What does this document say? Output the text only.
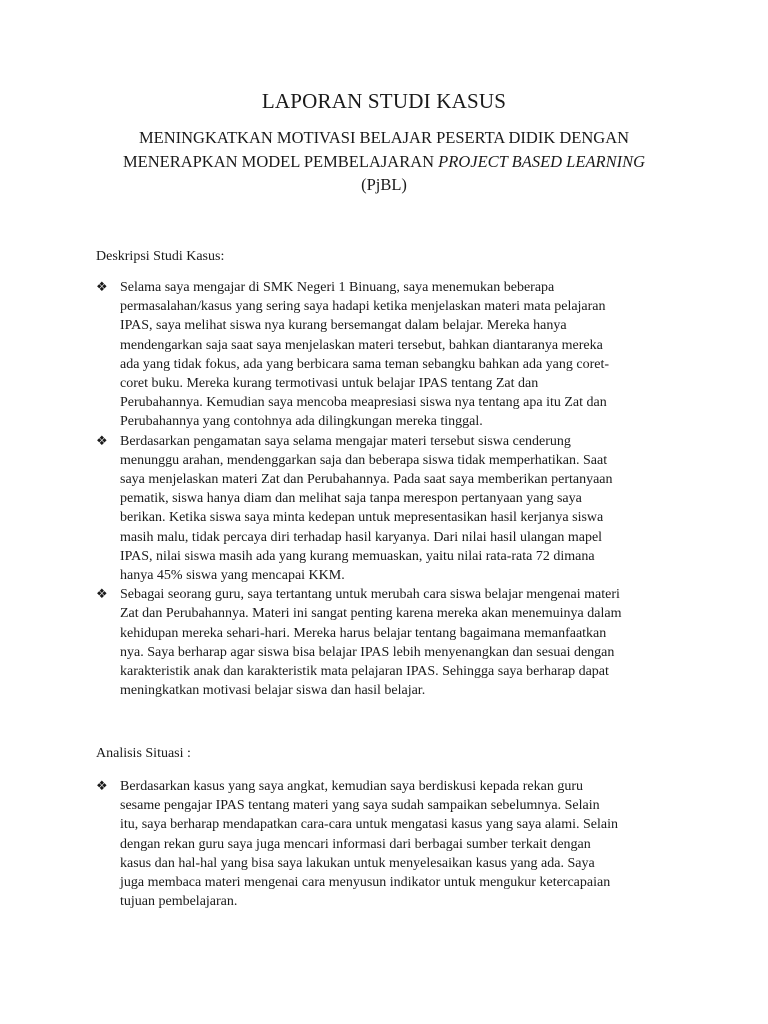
LAPORAN STUDI KASUS
MENINGKATKAN MOTIVASI BELAJAR PESERTA DIDIK DENGAN
MENERAPKAN MODEL PEMBELAJARAN PROJECT BASED LEARNING
(PjBL)
Deskripsi Studi Kasus:
❖ Selama saya mengajar di SMK Negeri 1 Binuang, saya menemukan beberapa
permasalahan/kasus yang sering saya hadapi ketika menjelaskan materi mata pelajaran
IPAS, saya melihat siswa nya kurang bersemangat dalam belajar. Mereka hanya
mendengarkan saja saat saya menjelaskan materi tersebut, bahkan diantaranya mereka
ada yang tidak fokus, ada yang berbicara sama teman sebangku bahkan ada yang coret-
coret buku. Mereka kurang termotivasi untuk belajar IPAS tentang Zat dan
Perubahannya. Kemudian saya mencoba meapresiasi siswa nya tentang apa itu Zat dan
Perubahannya yang contohnya ada dilingkungan mereka tinggal.

❖ Berdasarkan pengamatan saya selama mengajar materi tersebut siswa cenderung
menunggu arahan, mendenggarkan saja dan beberapa siswa tidak memperhatikan. Saat
saya menjelaskan materi Zat dan Perubahannya. Pada saat saya memberikan pertanyaan
pematik, siswa hanya diam dan melihat saja tanpa merespon pertanyaan yang saya
berikan. Ketika siswa saya minta kedepan untuk mepresentasikan hasil kerjanya siswa
masih malu, tidak percaya diri terhadap hasil karyanya. Dari nilai hasil ulangan mapel
IPAS, nilai siswa masih ada yang kurang memuaskan, yaitu nilai rata-rata 72 dimana
hanya 45% siswa yang mencapai KKM.

❖ Sebagai seorang guru, saya tertantang untuk merubah cara siswa belajar mengenai materi
Zat dan Perubahannya. Materi ini sangat penting karena mereka akan menemuinya dalam
kehidupan mereka sehari-hari. Mereka harus belajar tentang bagaimana memanfaatkan
nya. Saya berharap agar siswa bisa belajar IPAS lebih menyenangkan dan sesuai dengan
karakteristik anak dan karakteristik mata pelajaran IPAS. Sehingga saya berharap dapat
meningkatkan motivasi belajar siswa dan hasil belajar.

Analisis Situasi :
❖ Berdasarkan kasus yang saya angkat, kemudian saya berdiskusi kepada rekan guru
sesame pengajar IPAS tentang materi yang saya sudah sampaikan sebelumnya. Selain
itu, saya berharap mendapatkan cara-cara untuk mengatasi kasus yang saya alami. Selain
dengan rekan guru saya juga mencari informasi dari berbagai sumber terkait dengan
kasus dan hal-hal yang bisa saya lakukan untuk menyelesaikan kasus yang ada. Saya
juga membaca materi mengenai cara menyusun indikator untuk mengukur ketercapaian
tujuan pembelajaran.
